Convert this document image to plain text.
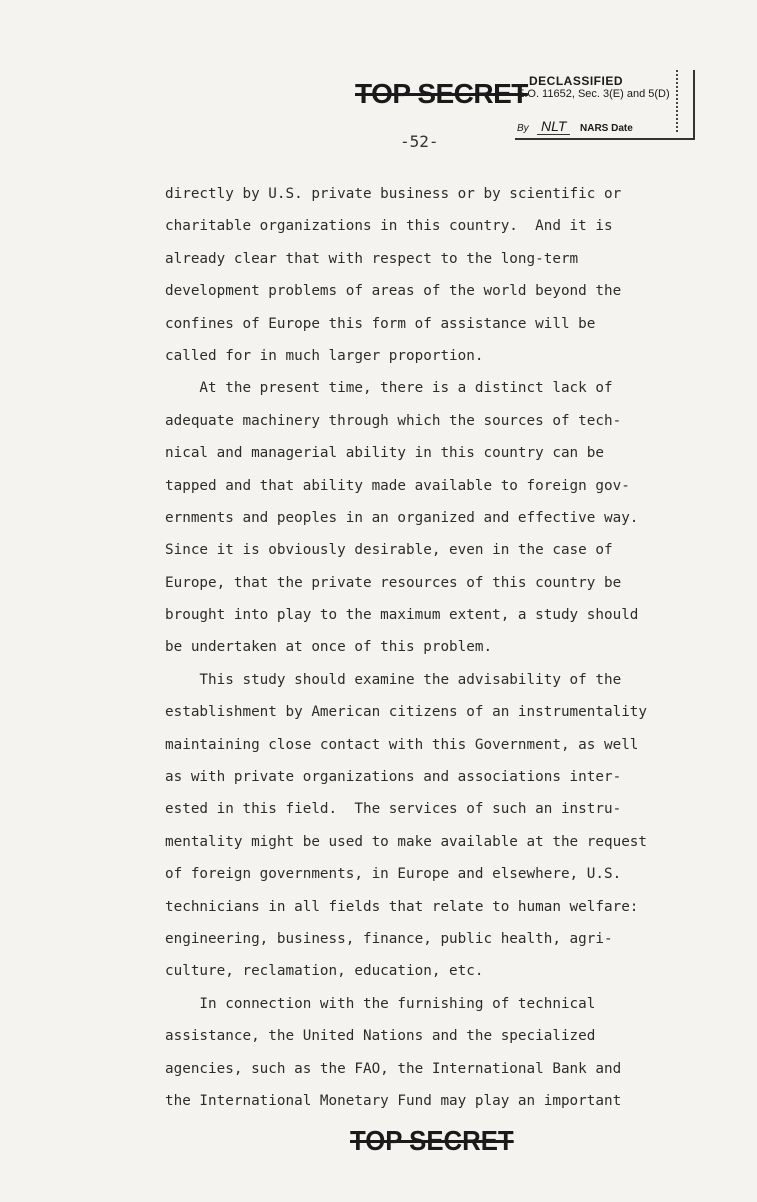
TOP SECRET DECLASSIFIED
E.O. 11652, Sec. 3(E) and 5(D)
By NLT	NARS Date
-52-
directly by U.S. private business or by scientific or
charitable organizations in this country.  And it is
already clear that with respect to the long-term
development problems of areas of the world beyond the
confines of Europe this form of assistance will be
called for in much larger proportion.
At the present time, there is a distinct lack of
adequate machinery through which the sources of tech-
nical and managerial ability in this country can be
tapped and that ability made available to foreign gov-
ernments and peoples in an organized and effective way.
Since it is obviously desirable, even in the case of
Europe, that the private resources of this country be
brought into play to the maximum extent, a study should
be undertaken at once of this problem.
This study should examine the advisability of the
establishment by American citizens of an instrumentality
maintaining close contact with this Government, as well
as with private organizations and associations inter-
ested in this field.  The services of such an instru-
mentality might be used to make available at the request
of foreign governments, in Europe and elsewhere, U.S.
technicians in all fields that relate to human welfare:
engineering, business, finance, public health, agri-
culture, reclamation, education, etc.
In connection with the furnishing of technical
assistance, the United Nations and the specialized
agencies, such as the FAO, the International Bank and
the International Monetary Fund may play an important
TOP SECRET
